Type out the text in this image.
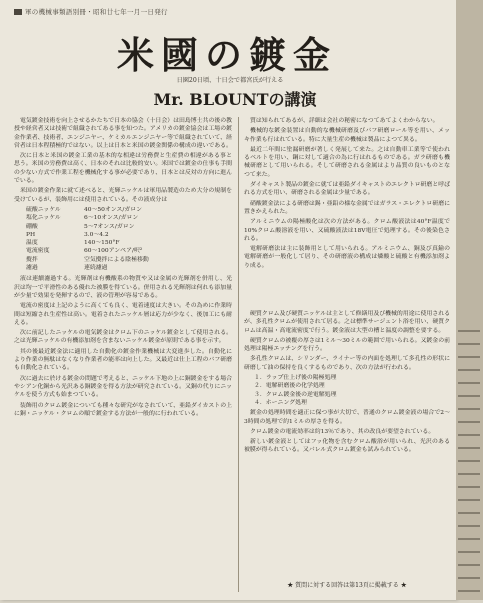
軍の機械事類語別冊・昭和廿七年一月一日発行
米國の鍍金
日園20日頃、十日会で都宮氏が行える
Mr. BLOUNTの講演

電気鍍金技術を向上させるかたちで日本の協会（十日会）は田島博士共の後の教授や経営者又は技術で組織されてある事を知つた。アメリカの鍍金協会は工場の鍍金作業者、技術者、エンジニヤー、ケミカルエンジニヤー等で組織されていて、経営者は日本程積極的ではない。以上は日本と米国の鍍金関係の構成の違いである。

次に日本と米国の鍍金工業の基本的な相違は労務費と生産費の相違がある事と思う。米国の労務費は高く、日本のそれは比較的安い。米国では鍍金の仕事も手間の少ない方式で作業工程を機械化する事が必要であり、日本とは反対の方向に進んでいる。

米国の鍍金作業に就て述べると、光輝ニッケルは軍用品製造のため大分の規制を受けているが、装飾用には使用されている。その液成分は

硫酸ニッケル	40〜50オンス/ガロン
塩化ニッケル	6〜10オンス/ガロン
硼酸	5〜7オンス/ガロン
PH	3.0〜4.2
温度	140〜150°F
電流密度	60〜100アンペア/呎²
攪拌	空気攪拌による陰極移動
濾過	連続濾過

液は連續濾過する。光輝剤は有機酸系の物質や又は金属の光輝剤を併用し、光沢は均一で平滑性のある優れた被膜を得ている。併用される光輝剤は何れも添加量が少量で効果を発揮するので、液の管理が容易である。

電流の密度は上記のように高くても良く、電着速度は大きい。その為めに作業時間は短縮され生産性は高い。電着されたニッケル層は応力が少なく、後加工にも耐える。

次に前記したニッケルの電気鍍金はクロム下のニッケル鍍金として使用される。之は光輝ニッケルの有機添加剤を含まないニッケル鍍金が原則である事を示す。

其の後最近鍍金法に適用した自動化の鍍金作業機械は大変進歩した。自動化により作業の無駄はなくなり作業者の能率は向上した。又最近は仕上工程のバフ研磨も自動化されている。

次に過去に於ける鍍金の問題で考えると、ニッケル下地の上に銅鍍金をする場合やシアン化銅から光沢ある銅鍍金を得る方法が研究されている。又銅の代りにニッケルを使う方式も始まつている。

装飾用のクロム鍍金についても種々な研究がなされていて、亜鉛ダイカストの上に銅・ニッケル・クロムの順で鍍金する方法が一般的に行われている。

質は知られてあるが、詳細は会社の秘密になつてあてよくわからない。

機械的な鍍金装置は自動的な機械研磨及びバフ研磨ロール等を用い、メッキ作業も行はれている。特に大量生産の機械は製品によつて異る。

最近二年間に塗漏研磨が著しく発展して来た。之は自動車工業等で使われるベルトを用い、鋼に対して適合の為に行はれるものである。ガラ研磨も機械研磨として用いられる。そして研磨される金属はより品質の良いものとなつて来た。

ダイキャスト製品の鍍金に就ては亜鉛ダイキャストのエレクトロ研磨と呼ばれる方式を用い、研磨される金属は少量である。

硝酸鍍金法による研磨は錫・亜鉛の様な金属ではガラス・エレクトロ研磨に置きかえられた。

アルミニウムの陽極酸化は次の方法がある。クロム酸液法は40°F温度で10%クロム酸溶液を用い、又硫酸液法は18V電圧で処理する。その後染色される。

電解研磨法は主に装飾用として用いられる。アルミニウム、銅及び真鍮の電解研磨が一般化して居り、その研磨液の構成は燐酸と硫酸と有機添加剤より成る。

硬質クロム及び硬質ニッケルは主として修繕用及び機械的用途に使用されるが、多孔性クロムが使用されて居る。之は標準サージェント浴を用い、硬質クロムは高温・高電流密度で行う。鍍金液は大型の槽と温度の調整を要する。

硬質クロムの被覆の厚さは1ミル～30ミルの範囲で用いられる。又鍍金の前処理は陽極エッチングを行う。

多孔性クロムは、シリンダー、ライナー等の内面を処理して多孔性の形状に研磨して油の保持を良くするものであり、次の方法が行われる。

１．ラップ仕上げ後の陽極処理
２．電解研磨後の化学処理
３．クロム鍍金後の逆電解処理
４．ホーニング処理

鍍金の処理時間を適正に保つ事が大切で、普通のクロム鍍金液の場合で2〜3時間の処理で約1ミルの厚さを得る。

クロム鍍金の電流効率は約13％であり、其の改良が要望されている。

新しい鍍金液としてはフッ化物を含むクロム酸浴が用いられ、光沢のある被膜が得られている。又バレル式クロム鍍金も試みられている。

★ 質問に対する回答は第13頁に掲載する ★
